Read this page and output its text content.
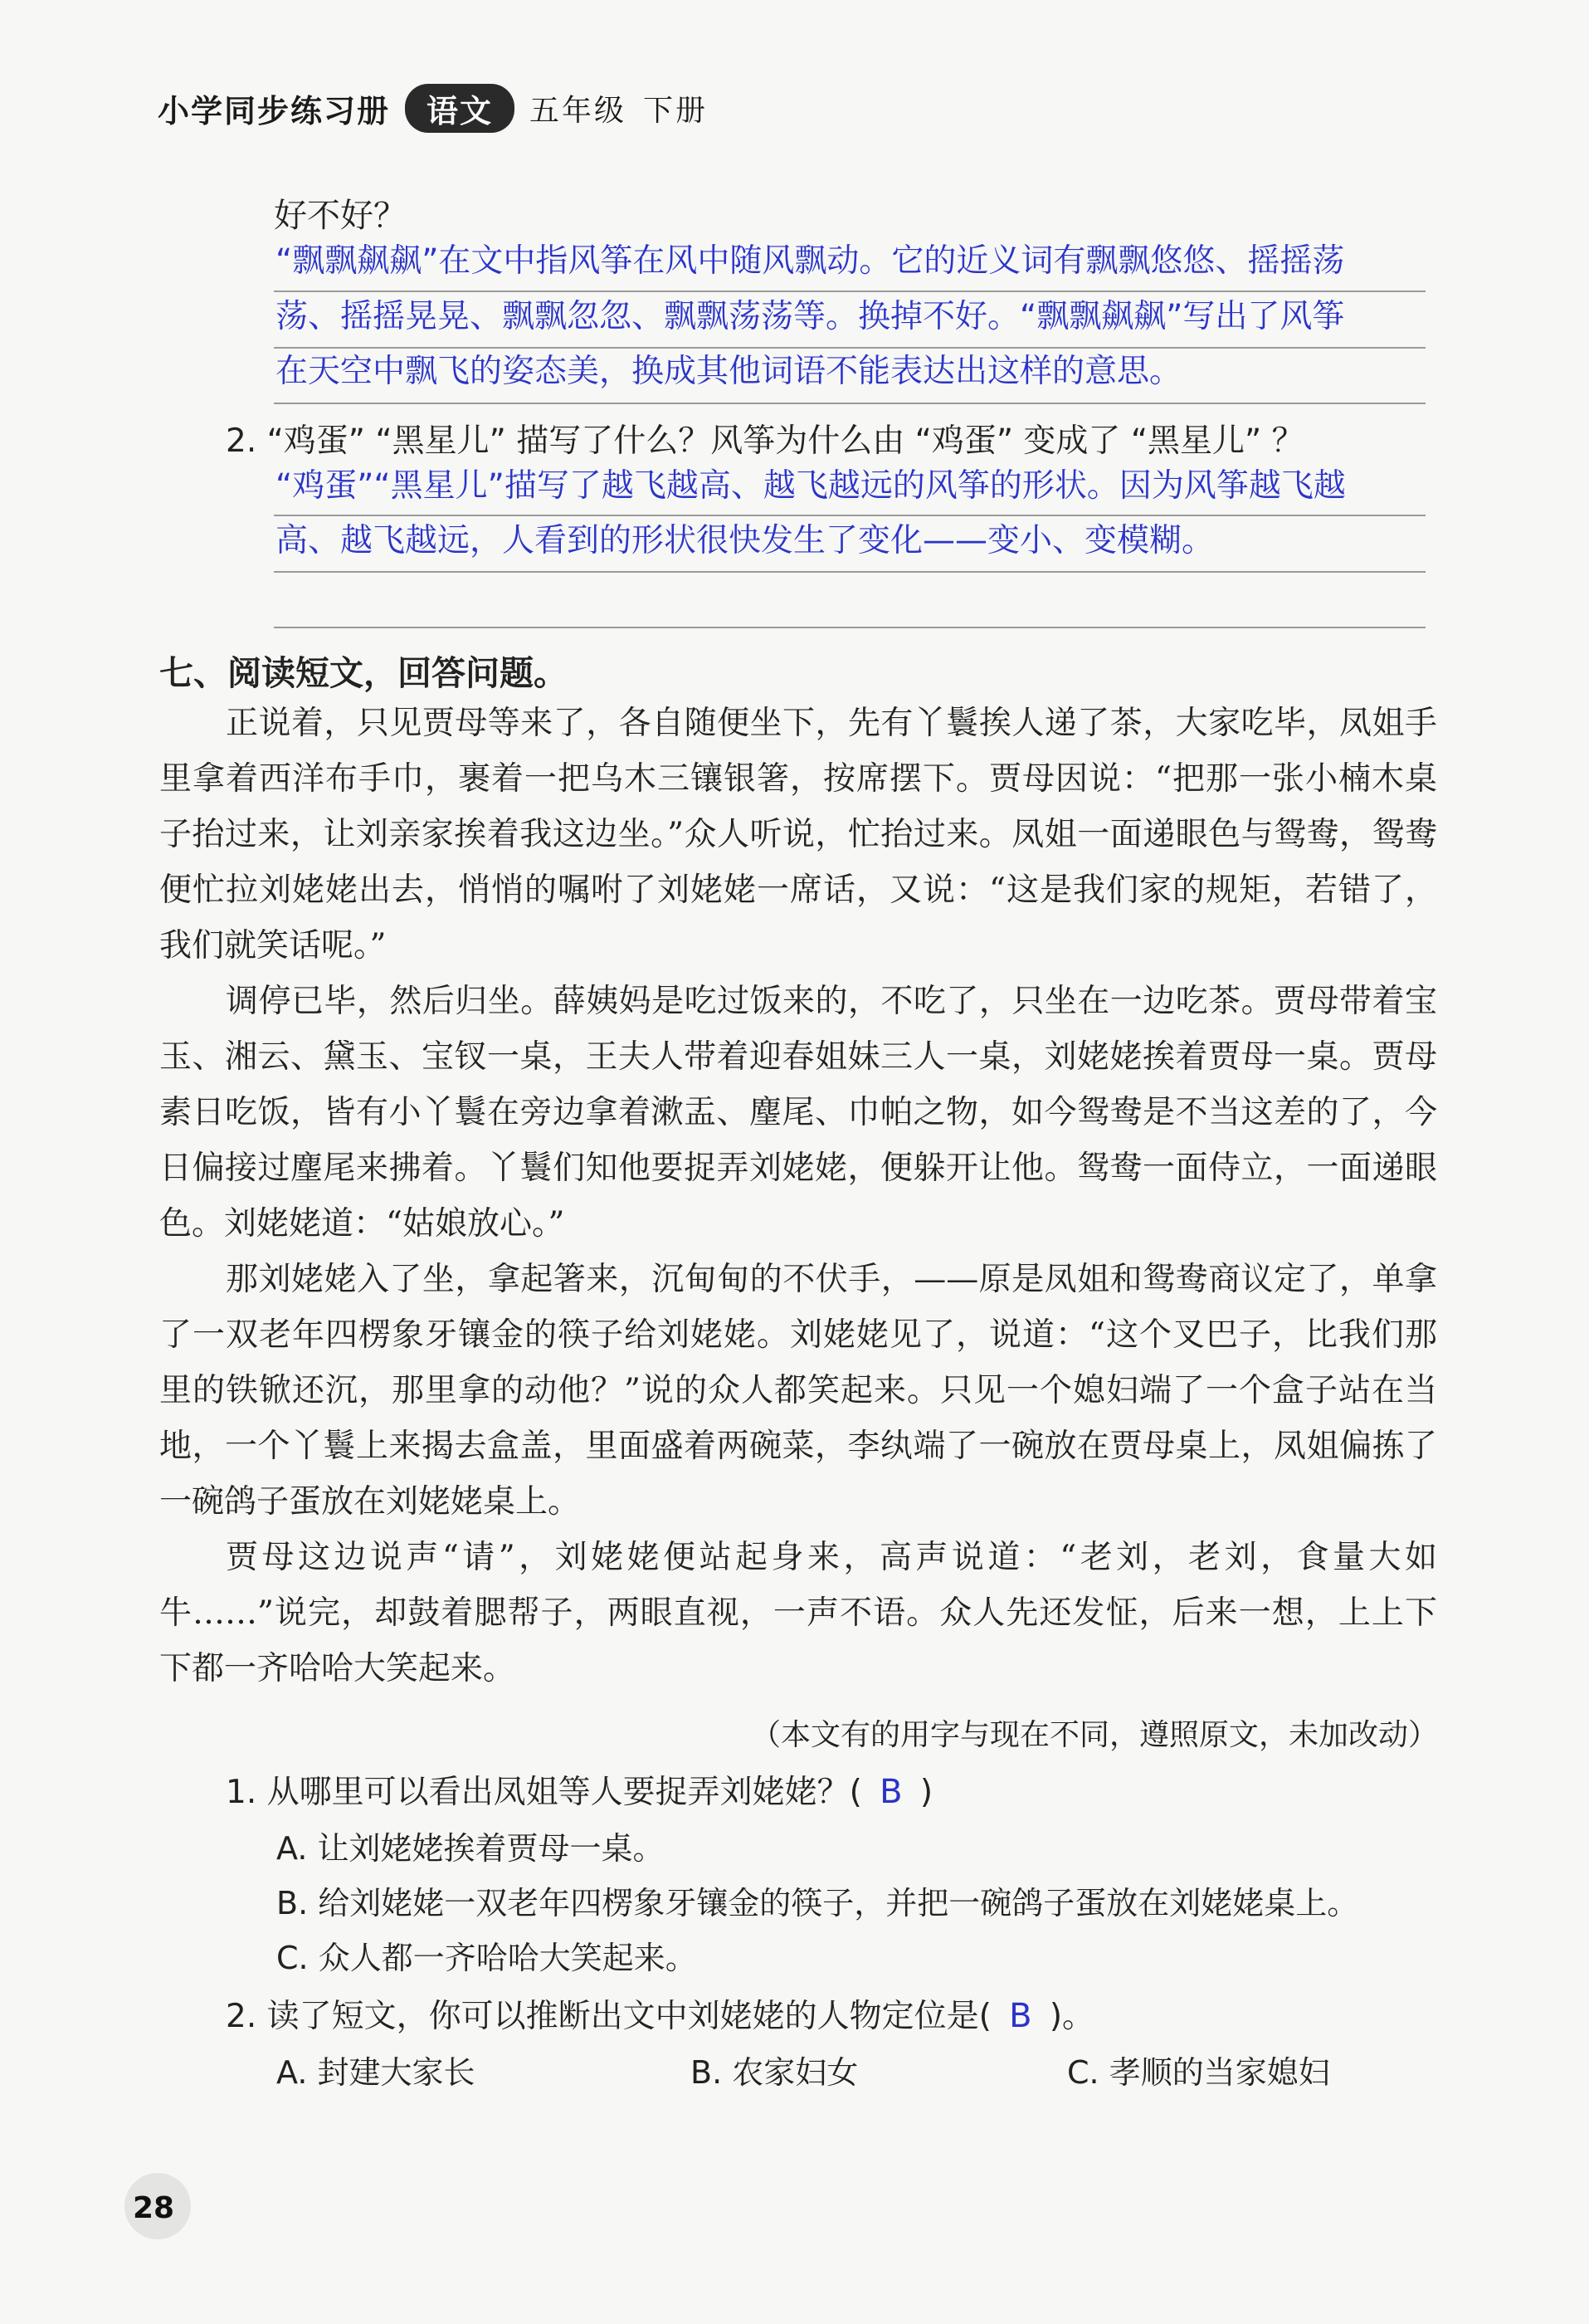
小学同步练习册	语文	五年级 下册
好不好？
“飘飘飙飙”在文中指风筝在风中随风飘动。它的近义词有飘飘悠悠、摇摇荡
荡、摇摇晃晃、飘飘忽忽、飘飘荡荡等。换掉不好。“飘飘飙飙”写出了风筝
在天空中飘飞的姿态美，换成其他词语不能表达出这样的意思。
2. “鸡蛋” “黑星儿” 描写了什么？风筝为什么由 “鸡蛋” 变成了 “黑星儿” ？
“鸡蛋”“黑星儿”描写了越飞越高、越飞越远的风筝的形状。因为风筝越飞越
高、越飞越远，人看到的形状很快发生了变化——变小、变模糊。
七、阅读短文，回答问题。

正说着，只见贾母等来了，各自随便坐下，先有丫鬟挨人递了茶，大家吃毕，凤姐手里拿着西洋布手巾，裹着一把乌木三镶银箸，按席摆下。贾母因说：“把那一张小楠木桌子抬过来，让刘亲家挨着我这边坐。”众人听说，忙抬过来。凤姐一面递眼色与鸳鸯，鸳鸯便忙拉刘姥姥出去，悄悄的嘱咐了刘姥姥一席话，又说：“这是我们家的规矩，若错了，我们就笑话呢。”

调停已毕，然后归坐。薛姨妈是吃过饭来的，不吃了，只坐在一边吃茶。贾母带着宝玉、湘云、黛玉、宝钗一桌，王夫人带着迎春姐妹三人一桌，刘姥姥挨着贾母一桌。贾母素日吃饭，皆有小丫鬟在旁边拿着漱盂、麈尾、巾帕之物，如今鸳鸯是不当这差的了，今日偏接过麈尾来拂着。丫鬟们知他要捉弄刘姥姥，便躲开让他。鸳鸯一面侍立，一面递眼色。刘姥姥道：“姑娘放心。”

那刘姥姥入了坐，拿起箸来，沉甸甸的不伏手，——原是凤姐和鸳鸯商议定了，单拿了一双老年四楞象牙镶金的筷子给刘姥姥。刘姥姥见了，说道：“这个叉巴子，比我们那里的铁锨还沉，那里拿的动他？”说的众人都笑起来。只见一个媳妇端了一个盒子站在当地，一个丫鬟上来揭去盒盖，里面盛着两碗菜，李纨端了一碗放在贾母桌上，凤姐偏拣了一碗鸽子蛋放在刘姥姥桌上。

贾母这边说声“请”，刘姥姥便站起身来，高声说道：“老刘，老刘，食量大如牛……”说完，却鼓着腮帮子，两眼直视，一声不语。众人先还发怔，后来一想，上上下下都一齐哈哈大笑起来。

（本文有的用字与现在不同，遵照原文，未加改动）
1. 从哪里可以看出凤姐等人要捉弄刘姥姥？( B )
A. 让刘姥姥挨着贾母一桌。
B. 给刘姥姥一双老年四楞象牙镶金的筷子，并把一碗鸽子蛋放在刘姥姥桌上。
C. 众人都一齐哈哈大笑起来。
2. 读了短文，你可以推断出文中刘姥姥的人物定位是( B )。
A. 封建大家长	B. 农家妇女	C. 孝顺的当家媳妇
28
